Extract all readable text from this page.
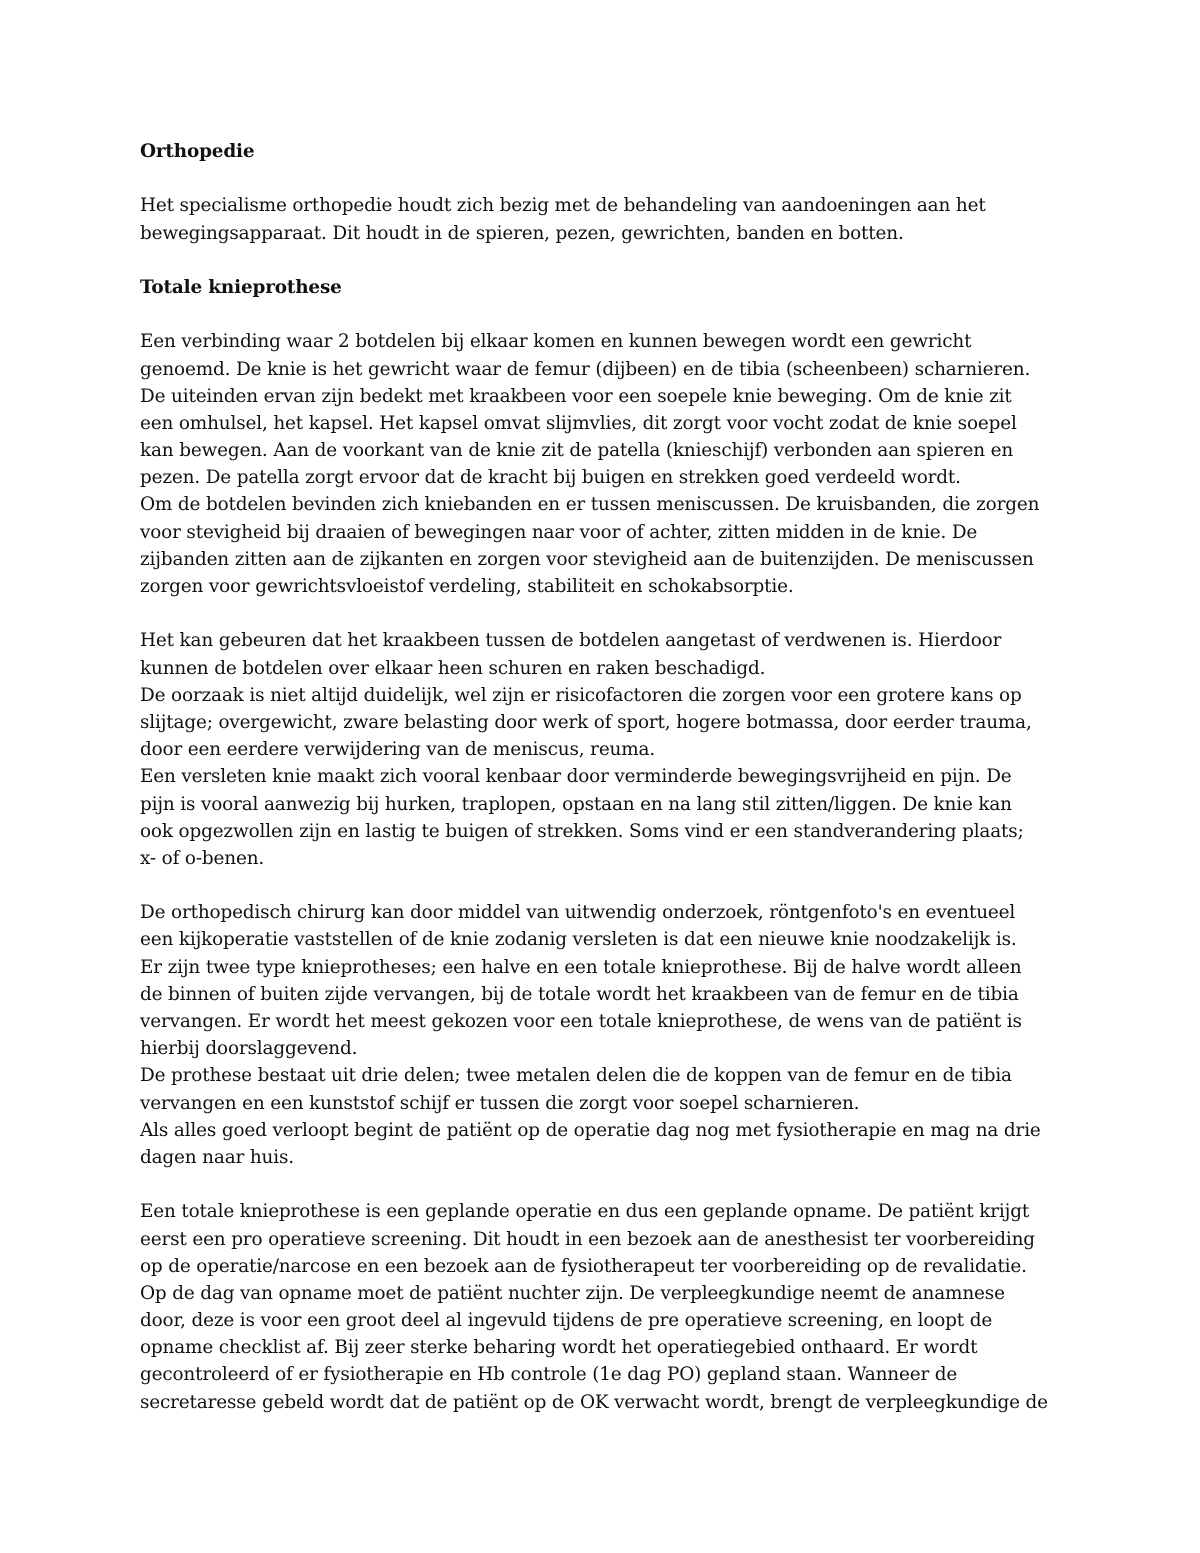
Orthopedie
Het specialisme orthopedie houdt zich bezig met de behandeling van aandoeningen aan het
bewegingsapparaat. Dit houdt in de spieren, pezen, gewrichten, banden en botten.
Totale knieprothese
Een verbinding waar 2 botdelen bij elkaar komen en kunnen bewegen wordt een gewricht
genoemd. De knie is het gewricht waar de femur (dijbeen) en de tibia (scheenbeen) scharnieren.
De uiteinden ervan zijn bedekt met kraakbeen voor een soepele knie beweging. Om de knie zit
een omhulsel, het kapsel. Het kapsel omvat slijmvlies, dit zorgt voor vocht zodat de knie soepel
kan bewegen. Aan de voorkant van de knie zit de patella (knieschijf) verbonden aan spieren en
pezen. De patella zorgt ervoor dat de kracht bij buigen en strekken goed verdeeld wordt.
Om de botdelen bevinden zich kniebanden en er tussen meniscussen. De kruisbanden, die zorgen
voor stevigheid bij draaien of bewegingen naar voor of achter, zitten midden in de knie. De
zijbanden zitten aan de zijkanten en zorgen voor stevigheid aan de buitenzijden. De meniscussen
zorgen voor gewrichtsvloeistof verdeling, stabiliteit en schokabsorptie.
Het kan gebeuren dat het kraakbeen tussen de botdelen aangetast of verdwenen is. Hierdoor
kunnen de botdelen over elkaar heen schuren en raken beschadigd.
De oorzaak is niet altijd duidelijk, wel zijn er risicofactoren die zorgen voor een grotere kans op
slijtage; overgewicht, zware belasting door werk of sport, hogere botmassa, door eerder trauma,
door een eerdere verwijdering van de meniscus, reuma.
Een versleten knie maakt zich vooral kenbaar door verminderde bewegingsvrijheid en pijn. De
pijn is vooral aanwezig bij hurken, traplopen, opstaan en na lang stil zitten/liggen. De knie kan
ook opgezwollen zijn en lastig te buigen of strekken. Soms vind er een standverandering plaats;
x- of o-benen.
De orthopedisch chirurg kan door middel van uitwendig onderzoek, röntgenfoto's en eventueel
een kijkoperatie vaststellen of de knie zodanig versleten is dat een nieuwe knie noodzakelijk is.
Er zijn twee type knieprotheses; een halve en een totale knieprothese. Bij de halve wordt alleen
de binnen of buiten zijde vervangen, bij de totale wordt het kraakbeen van de femur en de tibia
vervangen. Er wordt het meest gekozen voor een totale knieprothese, de wens van de patiënt is
hierbij doorslaggevend.
De prothese bestaat uit drie delen; twee metalen delen die de koppen van de femur en de tibia
vervangen en een kunststof schijf er tussen die zorgt voor soepel scharnieren.
Als alles goed verloopt begint de patiënt op de operatie dag nog met fysiotherapie en mag na drie
dagen naar huis.
Een totale knieprothese is een geplande operatie en dus een geplande opname. De patiënt krijgt
eerst een pro operatieve screening. Dit houdt in een bezoek aan de anesthesist ter voorbereiding
op de operatie/narcose en een bezoek aan de fysiotherapeut ter voorbereiding op de revalidatie.
Op de dag van opname moet de patiënt nuchter zijn. De verpleegkundige neemt de anamnese
door, deze is voor een groot deel al ingevuld tijdens de pre operatieve screening, en loopt de
opname checklist af. Bij zeer sterke beharing wordt het operatiegebied onthaard. Er wordt
gecontroleerd of er fysiotherapie en Hb controle (1e dag PO) gepland staan. Wanneer de
secretaresse gebeld wordt dat de patiënt op de OK verwacht wordt, brengt de verpleegkundige de
